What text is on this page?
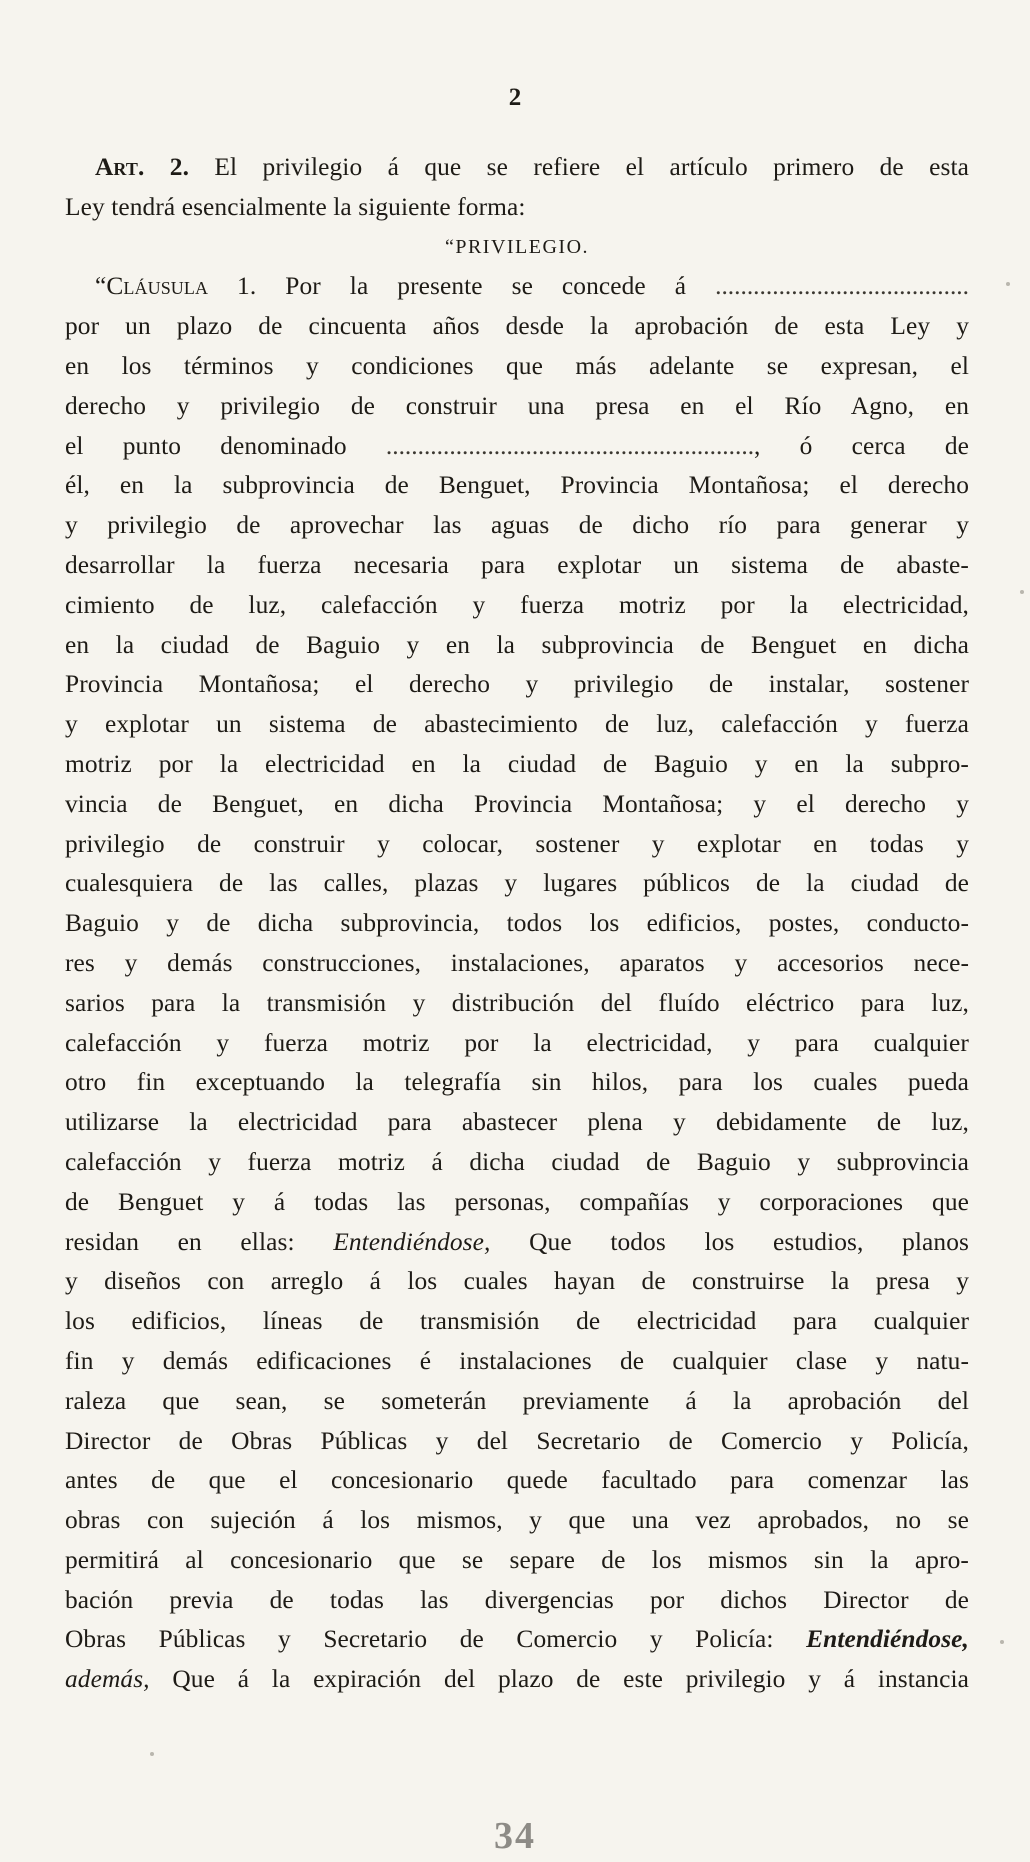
2
Art. 2. El privilegio á que se refiere el artículo primero de esta
Ley tendrá esencialmente la siguiente forma:
“PRIVILEGIO.
“Cláusula 1. Por la presente se concede á ........................................
por un plazo de cincuenta años desde la aprobación de esta Ley y
en los términos y condiciones que más adelante se expresan, el
derecho y privilegio de construir una presa en el Río Agno, en
el punto denominado .........................................................., ó cerca de
él, en la subprovincia de Benguet, Provincia Montañosa; el derecho
y privilegio de aprovechar las aguas de dicho río para generar y
desarrollar la fuerza necesaria para explotar un sistema de abaste-
cimiento de luz, calefacción y fuerza motriz por la electricidad,
en la ciudad de Baguio y en la subprovincia de Benguet en dicha
Provincia Montañosa; el derecho y privilegio de instalar, sostener
y explotar un sistema de abastecimiento de luz, calefacción y fuerza
motriz por la electricidad en la ciudad de Baguio y en la subpro-
vincia de Benguet, en dicha Provincia Montañosa; y el derecho y
privilegio de construir y colocar, sostener y explotar en todas y
cualesquiera de las calles, plazas y lugares públicos de la ciudad de
Baguio y de dicha subprovincia, todos los edificios, postes, conducto-
res y demás construcciones, instalaciones, aparatos y accesorios nece-
sarios para la transmisión y distribución del fluído eléctrico para luz,
calefacción y fuerza motriz por la electricidad, y para cualquier
otro fin exceptuando la telegrafía sin hilos, para los cuales pueda
utilizarse la electricidad para abastecer plena y debidamente de luz,
calefacción y fuerza motriz á dicha ciudad de Baguio y subprovincia
de Benguet y á todas las personas, compañías y corporaciones que
residan en ellas: Entendiéndose, Que todos los estudios, planos
y diseños con arreglo á los cuales hayan de construirse la presa y
los edificios, líneas de transmisión de electricidad para cualquier
fin y demás edificaciones é instalaciones de cualquier clase y natu-
raleza que sean, se someterán previamente á la aprobación del
Director de Obras Públicas y del Secretario de Comercio y Policía,
antes de que el concesionario quede facultado para comenzar las
obras con sujeción á los mismos, y que una vez aprobados, no se
permitirá al concesionario que se separe de los mismos sin la apro-
bación previa de todas las divergencias por dichos Director de
Obras Públicas y Secretario de Comercio y Policía: Entendiéndose,
además, Que á la expiración del plazo de este privilegio y á instancia
34
